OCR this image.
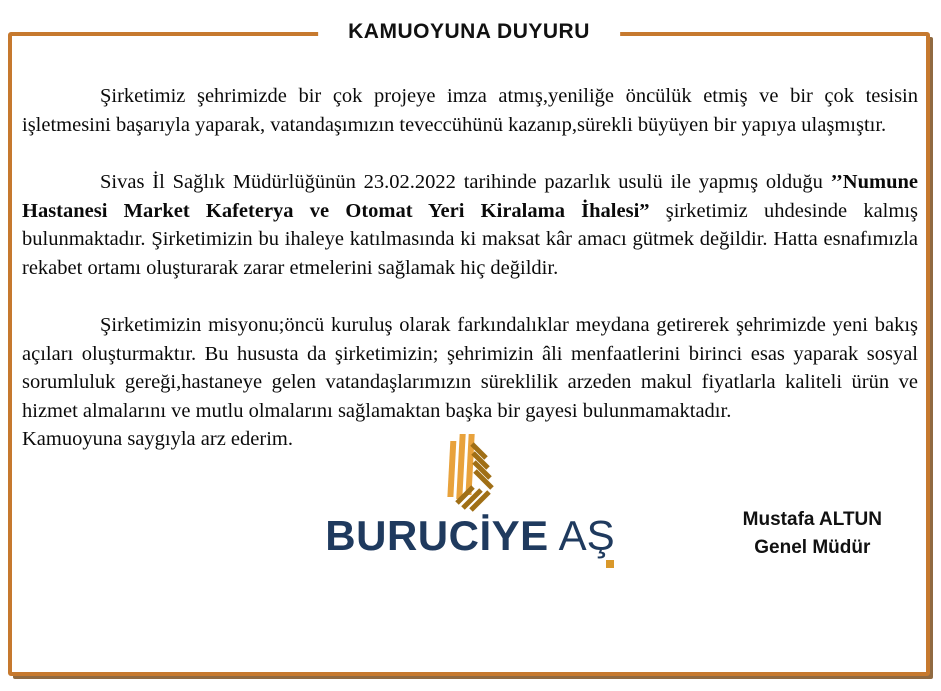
KAMUOYUNA DUYURU

Şirketimiz şehrimizde bir çok projeye imza atmış,yeniliğe öncülük etmiş ve bir çok tesisin işletmesini başarıyla yaparak, vatandaşımızın teveccühünü kazanıp,sürekli büyüyen bir yapıya ulaşmıştır.

Sivas İl Sağlık Müdürlüğünün 23.02.2022 tarihinde pazarlık usulü ile yapmış olduğu ’’Numune Hastanesi Market Kafeterya ve Otomat Yeri Kiralama İhalesi” şirketimiz uhdesinde kalmış bulunmaktadır. Şirketimizin bu ihaleye katılmasında ki maksat kâr amacı gütmek değildir. Hatta esnafımızla rekabet ortamı oluşturarak zarar etmelerini sağlamak hiç değildir.

Şirketimizin misyonu;öncü kuruluş olarak farkındalıklar meydana getirerek şehrimizde yeni bakış açıları oluşturmaktır. Bu hususta da şirketimizin; şehrimizin âli menfaatlerini birinci esas yaparak sosyal sorumluluk gereği,hastaneye gelen vatandaşlarımızın süreklilik arzeden makul fiyatlarla kaliteli ürün ve hizmet almalarını ve mutlu olmalarını sağlamaktan başka bir gayesi bulunmamaktadır.

Kamuoyuna saygıyla arz ederim.

BURUCİYE AŞ	Mustafa ALTUN
Genel Müdür
